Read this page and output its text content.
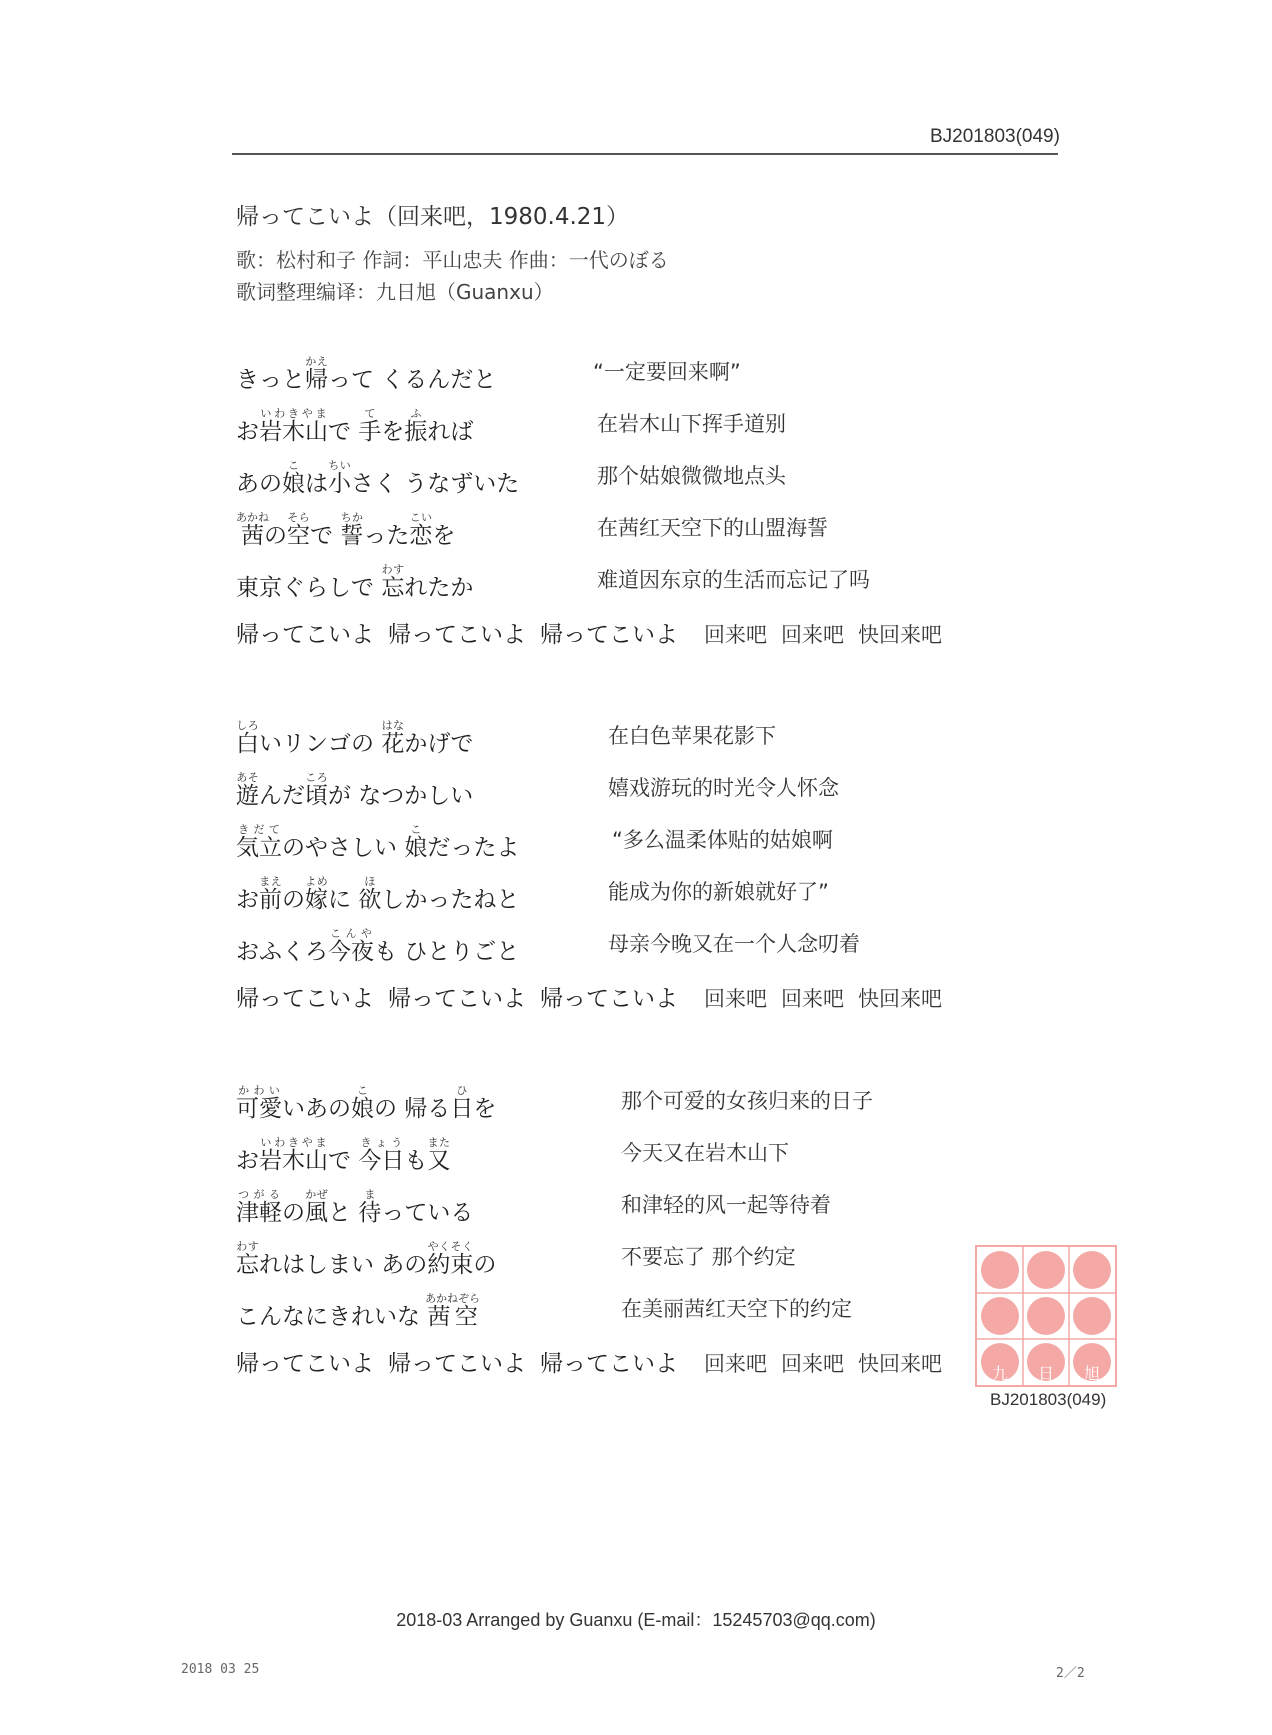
BJ201803(049)
帰ってこいよ（回来吧，1980.4.21）
歌：松村和子 作詞：平山忠夫 作曲：一代のぼる
歌词整理编译：九日旭（Guanxu）
きっと帰かえって くるんだと	“一定要回来啊”
お岩木山いわきやまで 手てを振ふれば	在岩木山下挥手道别
あの娘こは小ちいさく うなずいた	那个姑娘微微地点头
茜あかねの空そらで 誓ちかった恋こいを	在茜红天空下的山盟海誓
東京ぐらしで 忘わすれたか	难道因东京的生活而忘记了吗
帰ってこいよ 帰ってこいよ 帰ってこいよ 回来吧 回来吧 快回来吧
白しろいリンゴの 花はなかげで	在白色苹果花影下
遊あそんだ頃ころが なつかしい	嬉戏游玩的时光令人怀念
気立きだてのやさしい 娘こだったよ	“多么温柔体贴的姑娘啊
お前まえの嫁よめに 欲ほしかったねと	能成为你的新娘就好了”
おふくろ今夜こんやも ひとりごと	母亲今晚又在一个人念叨着
帰ってこいよ 帰ってこいよ 帰ってこいよ 回来吧 回来吧 快回来吧
可愛かわいいあの娘この 帰る日ひを	那个可爱的女孩归来的日子
お岩木山いわきやまで 今日きょうも又また	今天又在岩木山下
津軽つがるの風かぜと 待まっている	和津轻的风一起等待着
忘わすれはしまい あの約束やくそくの	不要忘了 那个约定
こんなにきれいな 茜空あかねぞら	在美丽茜红天空下的约定
帰ってこいよ 帰ってこいよ 帰ってこいよ 回来吧 回来吧 快回来吧	九 日 旭
BJ201803(049)
2018-03 Arranged by Guanxu (E-mail：15245703@qq.com)
2018 03 25	2／2
